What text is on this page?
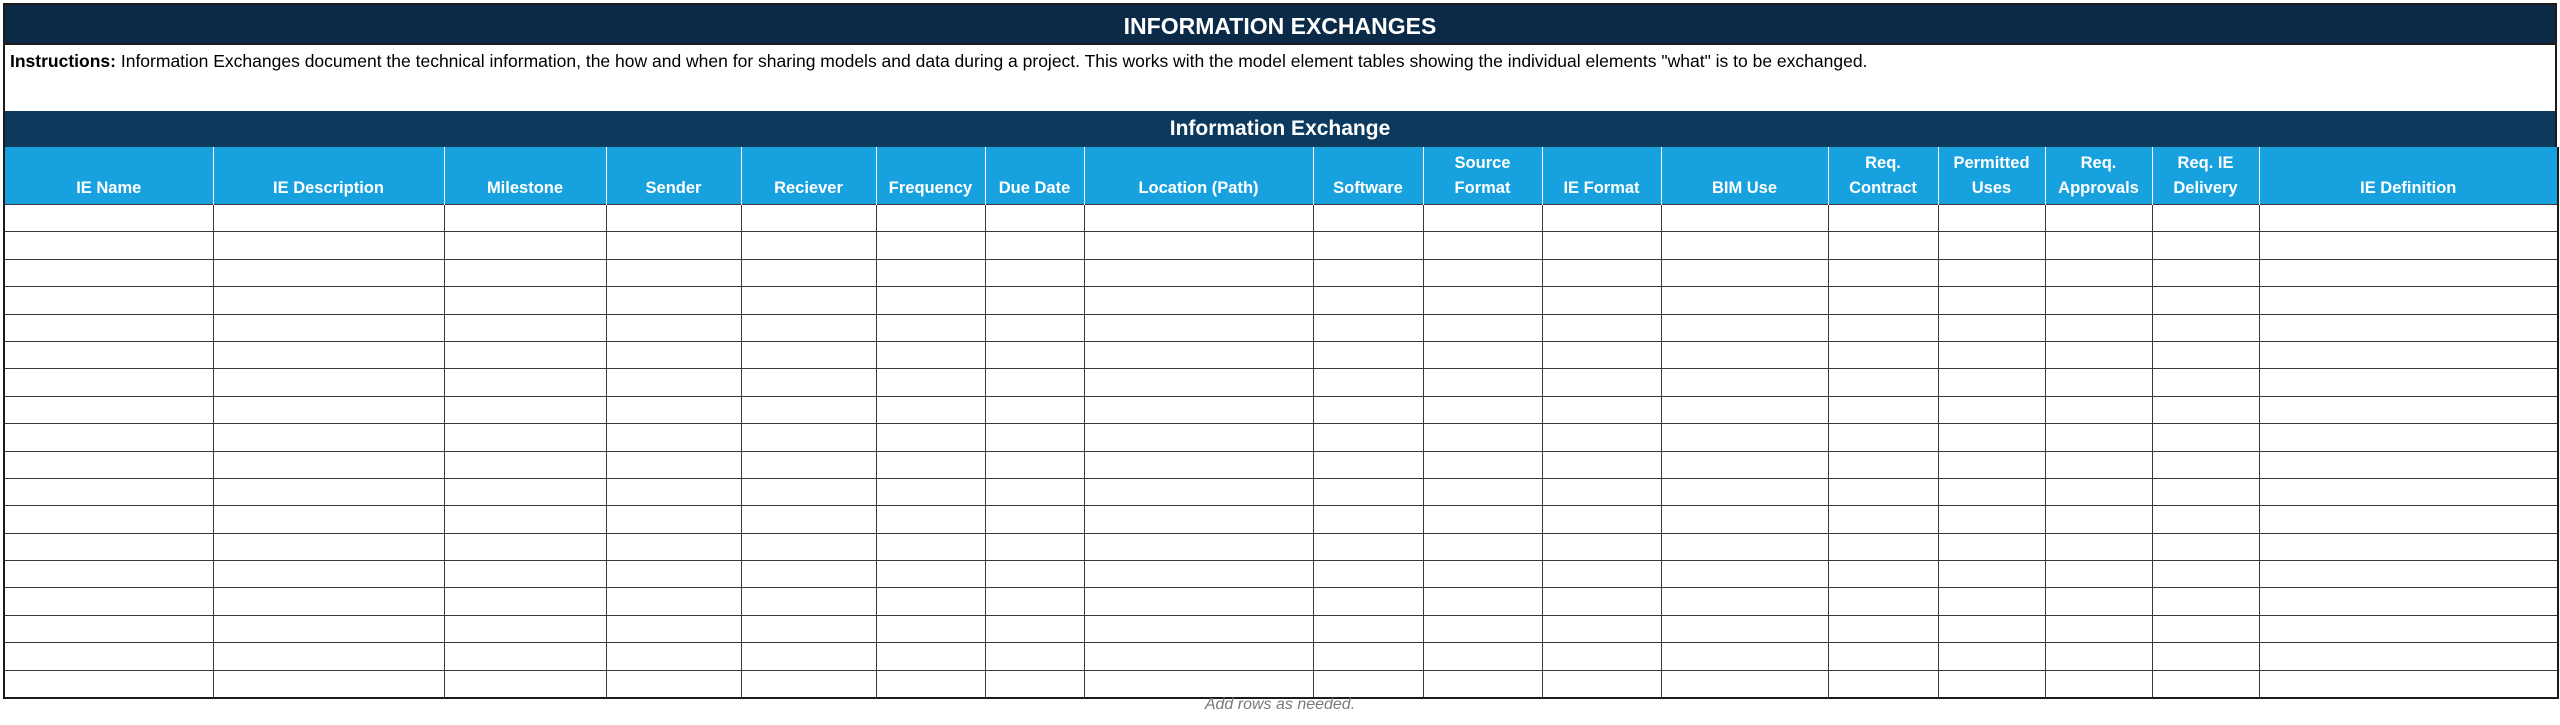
INFORMATION EXCHANGES
Instructions: Information Exchanges document the technical information, the how and when for sharing models and data during a project. This works with the model element tables showing the individual elements "what" is to be exchanged.
Information Exchange
IE Name	IE Description	Milestone	Sender	Reciever	Frequency	Due Date	Location (Path)	Software	Source Format	IE Format	BIM Use	Req. Contract	Permitted Uses	Req. Approvals	Req. IE Delivery	IE Definition

Add rows as needed.
